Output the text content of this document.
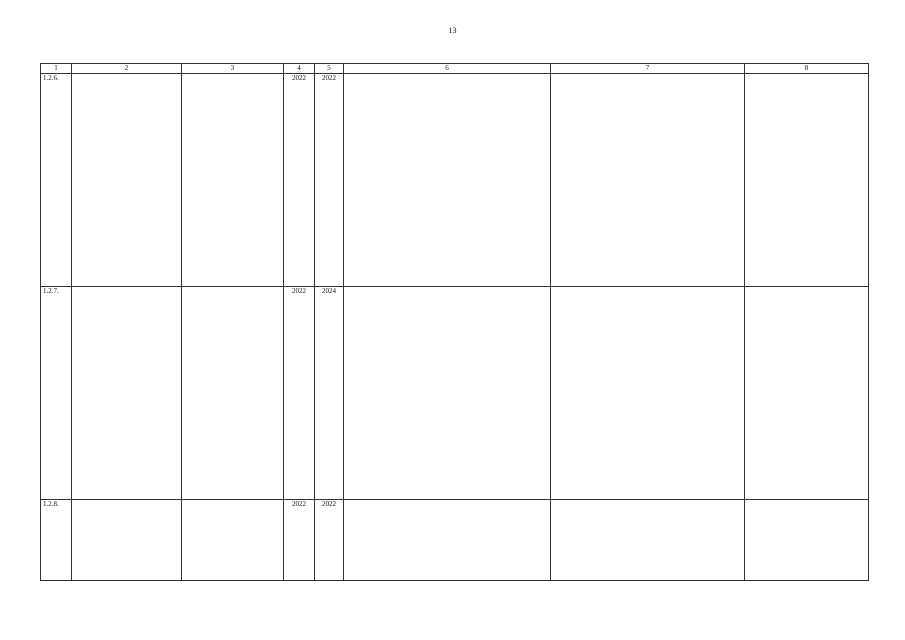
13
1	2	3	4	5	6	7	8
1.2.6.			2022	2022			
1.2.7.			2022	2024			
1.2.8.			2022	2022			
